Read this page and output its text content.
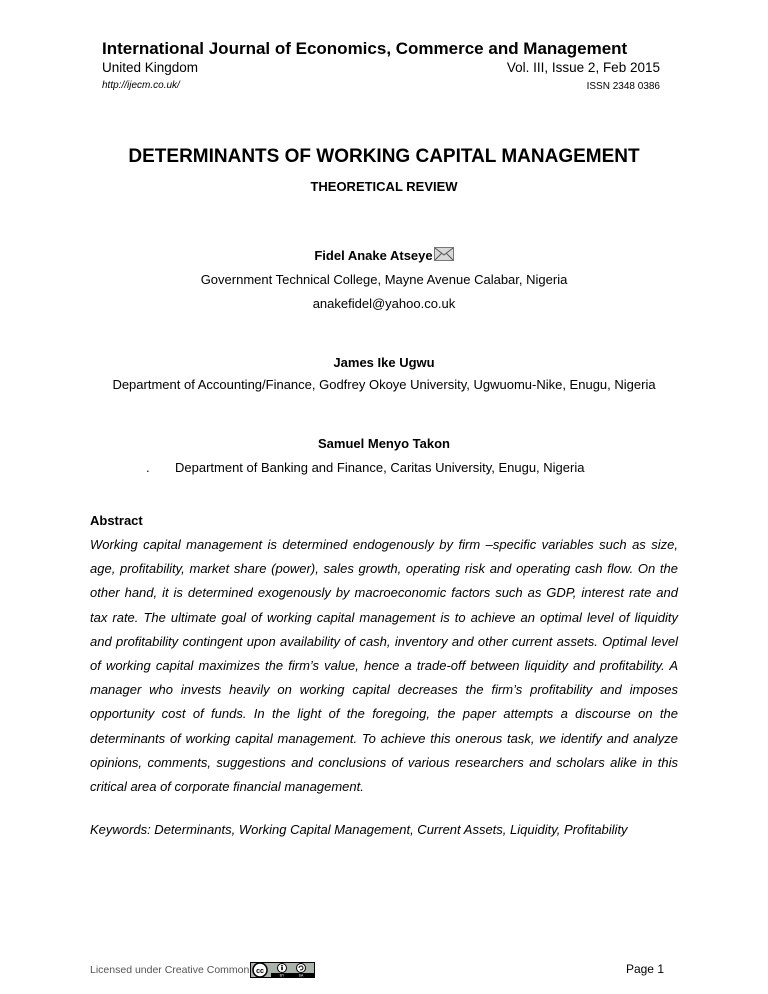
International Journal of Economics, Commerce and Management
United Kingdom	Vol. III, Issue 2, Feb 2015
http://ijecm.co.uk/	ISSN 2348 0386
DETERMINANTS OF WORKING CAPITAL MANAGEMENT
THEORETICAL REVIEW
Fidel Anake Atseye
Government Technical College, Mayne Avenue Calabar, Nigeria
anakefidel@yahoo.co.uk
James Ike Ugwu
Department of Accounting/Finance, Godfrey Okoye University, Ugwuomu-Nike, Enugu, Nigeria
Samuel Menyo Takon
. Department of Banking and Finance, Caritas University, Enugu, Nigeria
Abstract
Working capital management is determined endogenously by firm –specific variables such as size, age, profitability, market share (power), sales growth, operating risk and operating cash flow. On the other hand, it is determined exogenously by macroeconomic factors such as GDP, interest rate and tax rate. The ultimate goal of working capital management is to achieve an optimal level of liquidity and profitability contingent upon availability of cash, inventory and other current assets. Optimal level of working capital maximizes the firm’s value, hence a trade-off between liquidity and profitability. A manager who invests heavily on working capital decreases the firm’s profitability and imposes opportunity cost of funds. In the light of the foregoing, the paper attempts a discourse on the determinants of working capital management. To achieve this onerous task, we identify and analyze opinions, comments, suggestions and conclusions of various researchers and scholars alike in this critical area of corporate financial management.
Keywords: Determinants, Working Capital Management, Current Assets, Liquidity, Profitability
Licensed under Creative Common cc
BY	SA	Page 1
